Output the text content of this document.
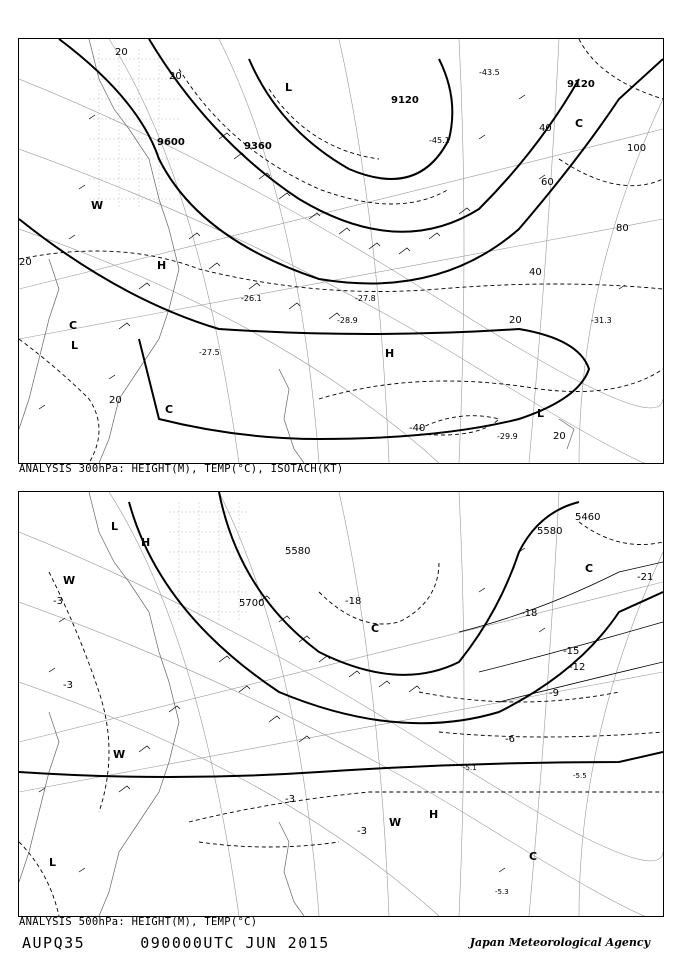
9600	9360
9120
9120
20
20
40
60
80
100
40
20
20
20
20
-40
-27.5
-26.1	-27.8
-28.9	-31.3
-29.9
-45.1
-43.5
L
H
H
L
C
C
W
L
C
ANALYSIS 300hPa: HEIGHT(M), TEMP(°C), ISOTACH(KT)
5580
5700
5580
5460
-3
-3
-3
-6
-9
-12
-15
-18
-18
-21
-3
-5.1
-5.5
-5.3
L
H
W
W
W
H
C
L
C
C
ANALYSIS 500hPa: HEIGHT(M), TEMP(°C)
AUPQ35	090000UTC JUN 2015	Japan Meteorological Agency
